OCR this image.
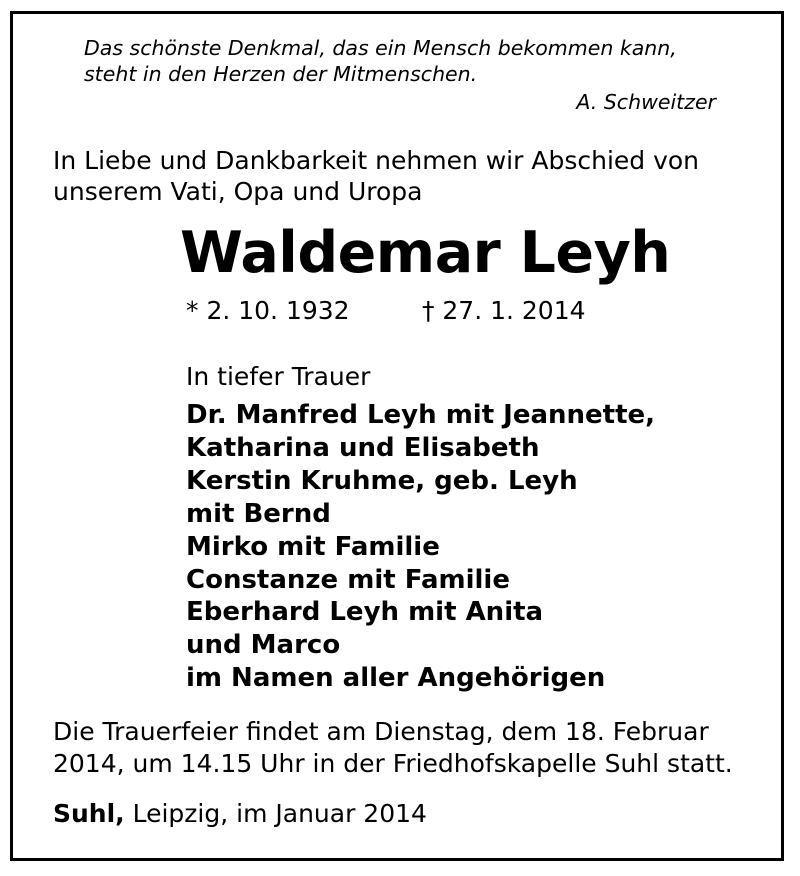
Das schönste Denkmal, das ein Mensch bekommen kann,
steht in den Herzen der Mitmenschen.
A. Schweitzer
In Liebe und Dankbarkeit nehmen wir Abschied von
unserem Vati, Opa und Uropa
Waldemar Leyh
* 2. 10. 1932	† 27. 1. 2014
In tiefer Trauer
Dr. Manfred Leyh mit Jeannette,
Katharina und Elisabeth
Kerstin Kruhme, geb. Leyh
mit Bernd
Mirko mit Familie
Constanze mit Familie
Eberhard Leyh mit Anita
und Marco
im Namen aller Angehörigen
Die Trauerfeier findet am Dienstag, dem 18. Februar
2014, um 14.15 Uhr in der Friedhofskapelle Suhl statt.
Suhl, Leipzig, im Januar 2014
